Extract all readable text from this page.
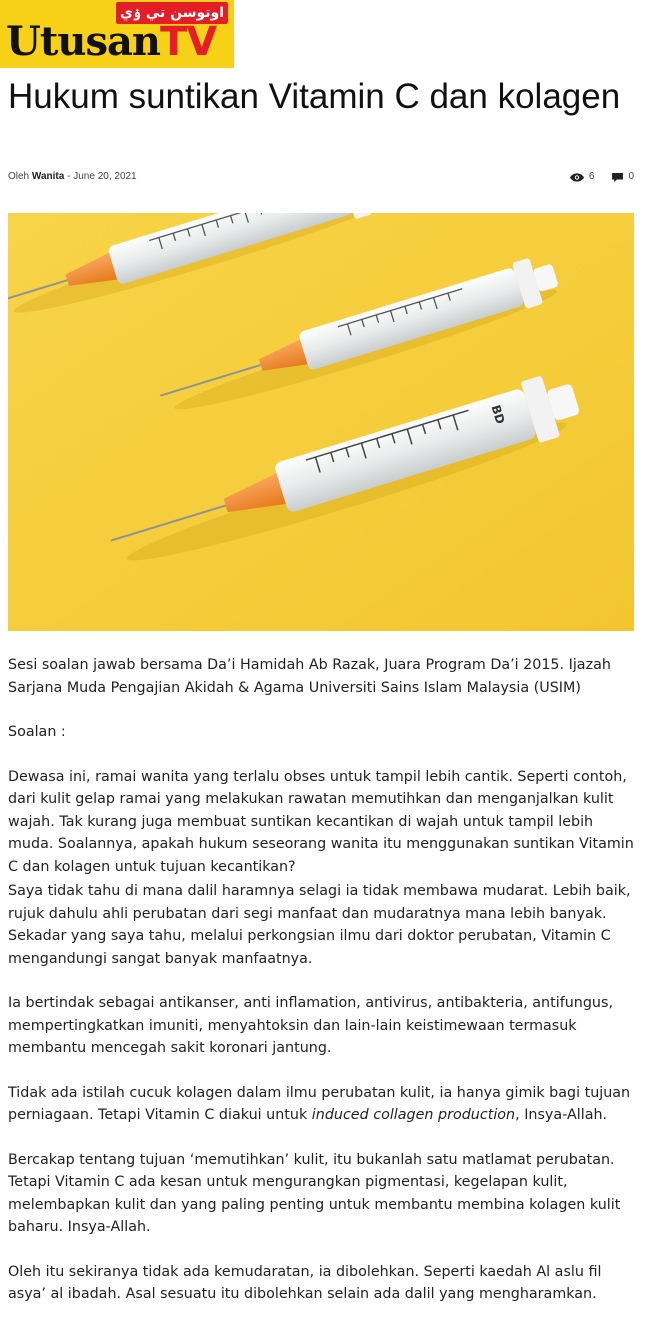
اوتوسن تي ۏي
UtusanTV
Hukum suntikan Vitamin C dan kolagen
Oleh Wanita - June 20, 2021	6	0
BD

Sesi soalan jawab bersama Da’i Hamidah Ab Razak, Juara Program Da’i 2015. Ijazah Sarjana Muda Pengajian Akidah & Agama Universiti Sains Islam Malaysia (USIM)

Soalan :

Dewasa ini, ramai wanita yang terlalu obses untuk tampil lebih cantik. Seperti contoh, dari kulit gelap ramai yang melakukan rawatan memutihkan dan menganjalkan kulit wajah. Tak kurang juga membuat suntikan kecantikan di wajah untuk tampil lebih muda. Soalannya, apakah hukum seseorang wanita itu menggunakan suntikan Vitamin C dan kolagen untuk tujuan kecantikan?

Saya tidak tahu di mana dalil haramnya selagi ia tidak membawa mudarat. Lebih baik, rujuk dahulu ahli perubatan dari segi manfaat dan mudaratnya mana lebih banyak. Sekadar yang saya tahu, melalui perkongsian ilmu dari doktor perubatan, Vitamin C mengandungi sangat banyak manfaatnya.

Ia bertindak sebagai antikanser, anti inflamation, antivirus, antibakteria, antifungus, mempertingkatkan imuniti, menyahtoksin dan lain-lain keistimewaan termasuk membantu mencegah sakit koronari jantung.

Tidak ada istilah cucuk kolagen dalam ilmu perubatan kulit, ia hanya gimik bagi tujuan perniagaan. Tetapi Vitamin C diakui untuk induced collagen production, Insya-Allah.

Bercakap tentang tujuan ‘memutihkan’ kulit, itu bukanlah satu matlamat perubatan. Tetapi Vitamin C ada kesan untuk mengurangkan pigmentasi, kegelapan kulit, melembapkan kulit dan yang paling penting untuk membantu membina kolagen kulit baharu. Insya-Allah.

Oleh itu sekiranya tidak ada kemudaratan, ia dibolehkan. Seperti kaedah Al aslu fil asya’ al ibadah. Asal sesuatu itu dibolehkan selain ada dalil yang mengharamkan.
